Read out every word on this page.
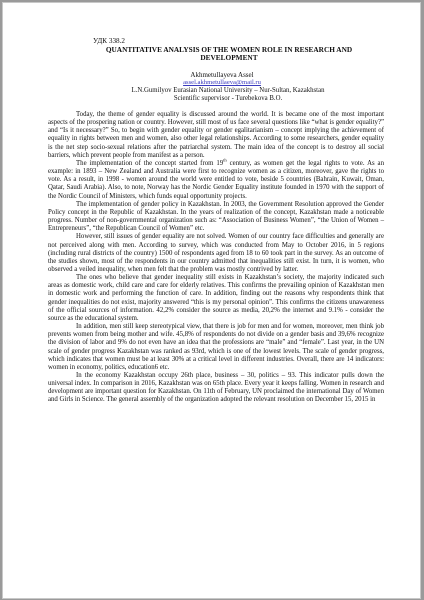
УДК 338.2
QUANTITATIVE ANALYSIS OF THE WOMEN ROLE IN RESEARCH AND DEVELOPMENT
Akhmetullayeva Assel
assel.akhmetullaeva@mail.ru
L.N.Gumilyov Eurasian National University – Nur-Sultan, Kazakhstan
Scientific supervisor - Turebekova B.O.

Today, the theme of gender equality is discussed around the world. It is became one of the most important aspects of the prospering nation or country. However, still most of us face several questions like “what is gender equality?” and “Is it necessary?” So, to begin with gender equality or gender egalitarianism – concept implying the achievement of equality in rights between men and women, also other legal relationships. According to some researchers, gender equality is the net step socio-sexual relations after the patriarchal system. The main idea of the concept is to destroy all social barriers, which prevent people from manifest as a person.

The implementation of the concept started from 19th century, as women get the legal rights to vote. As an example: in 1893 – New Zealand and Australia were first to recognize women as a citizen, moreover, gave the rights to vote. As a result, in 1998 - women around the world were entitled to vote, beside 5 countries (Bahrain, Kuwait, Oman, Qatar, Saudi Arabia). Also, to note, Norway has the Nordic Gender Equality institute founded in 1970 with the support of the Nordic Council of Ministers, which funds equal opportunity projects.

The implementation of gender policy in Kazakhstan. In 2003, the Government Resolution approved the Gender Policy concept in the Republic of Kazakhstan. In the years of realization of the concept, Kazakhstan made a noticeable progress. Number of non-governmental organization such as: “Association of Business Women”, “the Union of Women – Entrepreneurs”, “the Republican Council of Women” etc.

However, still issues of gender equality are not solved. Women of our country face difficulties and generally are not perceived along with men. According to survey, which was conducted from May to October 2016, in 5 regions (including rural districts of the country) 1500 of respondents aged from 18 to 60 took part in the survey. As an outcome of the studies shown, most of the respondents in our country admitted that inequalities still exist. In turn, it is women, who observed a veiled inequality, when men felt that the problem was mostly contrived by latter.

The ones who believe that gender inequality still exists in Kazakhstan’s society, the majority indicated such areas as domestic work, child care and care for elderly relatives. This confirms the prevailing opinion of Kazakhstan men in domestic work and performing the function of care. In addition, finding out the reasons why respondents think that gender inequalities do not exist, majority answered “this is my personal opinion”. This confirms the citizens unawareness of the official sources of information. 42,2% consider the source as media, 20,2% the internet and 9.1% - consider the source as the educational system.

In addition, men still keep stereotypical view, that there is job for men and for women, moreover, men think job prevents women from being mother and wife. 45,8% of respondents do not divide on a gender basis and 39,6% recognize the division of labor and 9% do not even have an idea that the professions are “male” and “female”. Last year, in the UN scale of gender progress Kazakhstan was ranked as 93rd, which is one of the lowest levels. The scale of gender progress, which indicates that women must be at least 30% at a critical level in different industries. Overall, there are 14 indicators: women in economy, politics, education6 etc.

In the economy Kazakhstan occupy 26th place, business – 30, politics – 93. This indicator pulls down the universal index. In comparison in 2016, Kazakhstan was on 65th place. Every year it keeps falling. Women in research and development are important question for Kazakhstan. On 11th of February, UN proclaimed the international Day of Women and Girls in Science. The general assembly of the organization adopted the relevant resolution on December 15, 2015 in
